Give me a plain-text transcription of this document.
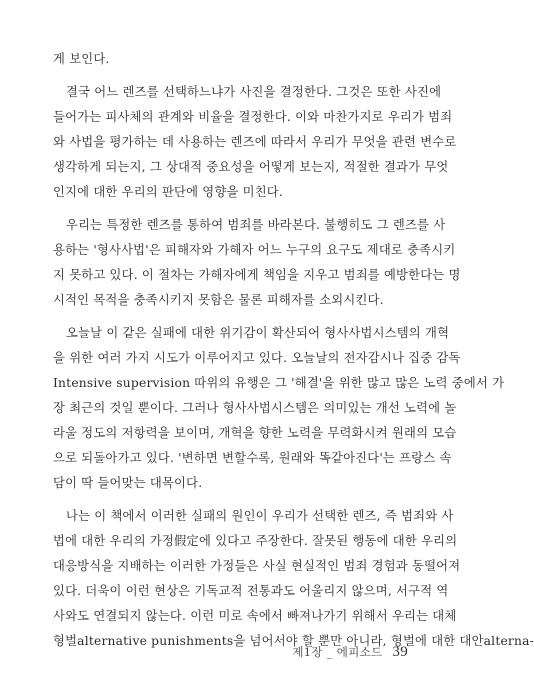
게 보인다.
결국 어느 렌즈를 선택하느냐가 사진을 결정한다. 그것은 또한 사진에
들어가는 피사체의 관계와 비율을 결정한다. 이와 마찬가지로 우리가 범죄
와 사법을 평가하는 데 사용하는 렌즈에 따라서 우리가 무엇을 관련 변수로
생각하게 되는지, 그 상대적 중요성을 어떻게 보는지, 적절한 결과가 무엇
인지에 대한 우리의 판단에 영향을 미친다.
우리는 특정한 렌즈를 통하여 범죄를 바라본다. 불행히도 그 렌즈를 사
용하는 '형사사법'은 피해자와 가해자 어느 누구의 요구도 제대로 충족시키
지 못하고 있다. 이 절차는 가해자에게 책임을 지우고 범죄를 예방한다는 명
시적인 목적을 충족시키지 못함은 물론 피해자를 소외시킨다.
오늘날 이 같은 실패에 대한 위기감이 확산되어 형사사법시스템의 개혁
을 위한 여러 가지 시도가 이루어지고 있다. 오늘날의 전자감시나 집중 감독
Intensive supervision 따위의 유행은 그 '해결'을 위한 많고 많은 노력 중에서 가
장 최근의 것일 뿐이다. 그러나 형사사법시스템은 의미있는 개선 노력에 놀
라울 정도의 저항력을 보이며, 개혁을 향한 노력을 무력화시켜 원래의 모습
으로 되돌아가고 있다. '변하면 변할수록, 원래와 똑같아진다'는 프랑스 속
담이 딱 들어맞는 대목이다.
나는 이 책에서 이러한 실패의 원인이 우리가 선택한 렌즈, 즉 범죄와 사
법에 대한 우리의 가정假定에 있다고 주장한다. 잘못된 행동에 대한 우리의
대응방식을 지배하는 이러한 가정들은 사실 현실적인 범죄 경험과 동떨어져
있다. 더욱이 이런 현상은 기독교적 전통과도 어울리지 않으며, 서구적 역
사와도 연결되지 않는다. 이런 미로 속에서 빠져나가기 위해서 우리는 대체
형벌alternative punishments을 넘어서야 할 뿐만 아니라, 형벌에 대한 대안alterna-
제1장 _ 에피소드 39
